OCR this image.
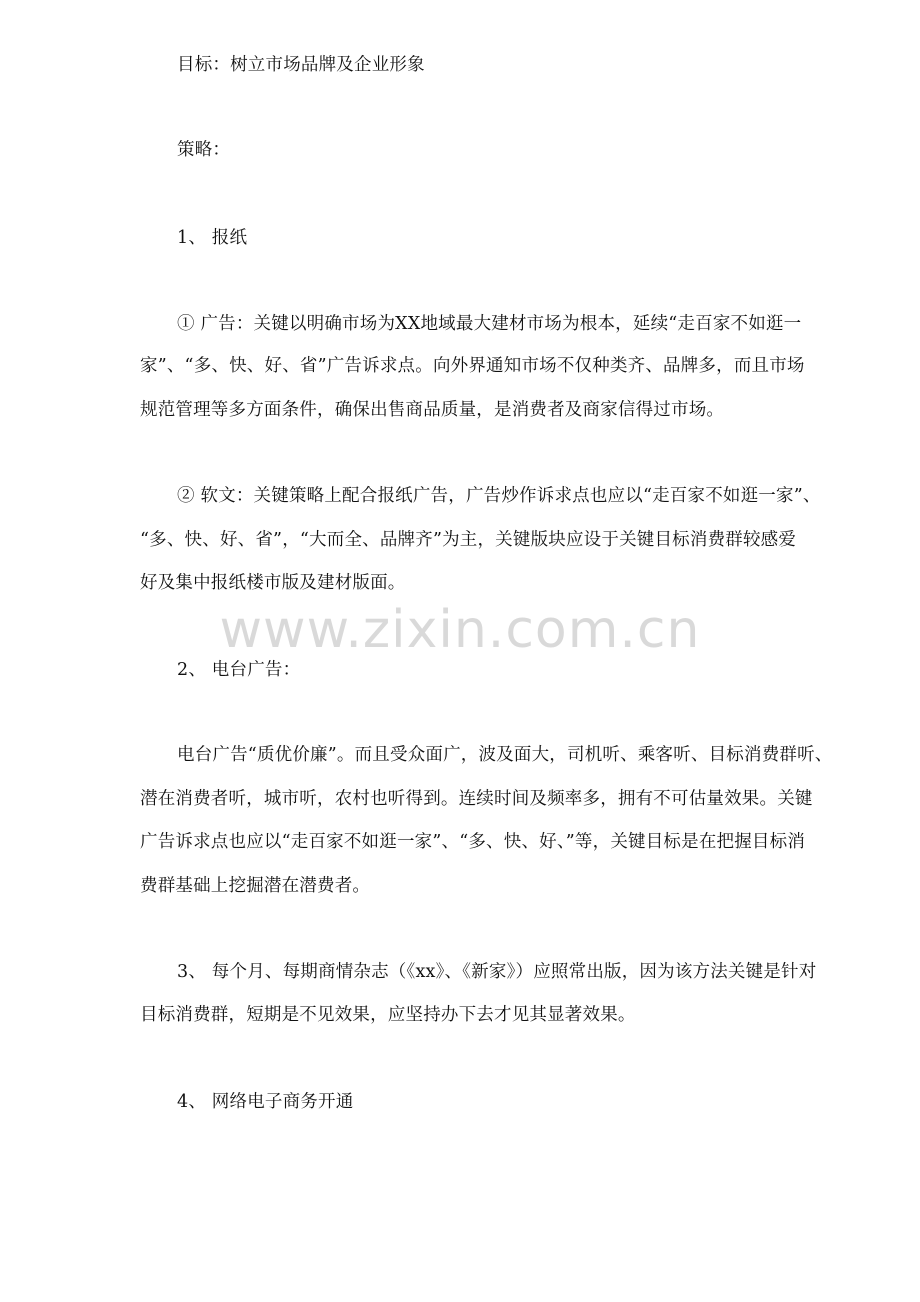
目标：树立市场品牌及企业形象
策略：
1、 报纸
① 广告：关键以明确市场为XX地域最大建材市场为根本，延续“走百家不如逛一
家”、“多、快、好、省”广告诉求点。向外界通知市场不仅种类齐、品牌多，而且市场
规范管理等多方面条件，确保出售商品质量，是消费者及商家信得过市场。
② 软文：关键策略上配合报纸广告，广告炒作诉求点也应以“走百家不如逛一家”、
“多、快、好、省”，“大而全、品牌齐”为主，关键版块应设于关键目标消费群较感爱
好及集中报纸楼市版及建材版面。
www.zixin.com.cn
2、 电台广告：
电台广告“质优价廉”。而且受众面广，波及面大，司机听、乘客听、目标消费群听、
潜在消费者听，城市听，农村也听得到。连续时间及频率多，拥有不可估量效果。关键
广告诉求点也应以“走百家不如逛一家”、“多、快、好、”等，关键目标是在把握目标消
费群基础上挖掘潜在潜费者。
3、 每个月、每期商情杂志（《xx》、《新家》）应照常出版，因为该方法关键是针对
目标消费群，短期是不见效果，应坚持办下去才见其显著效果。
4、 网络电子商务开通
